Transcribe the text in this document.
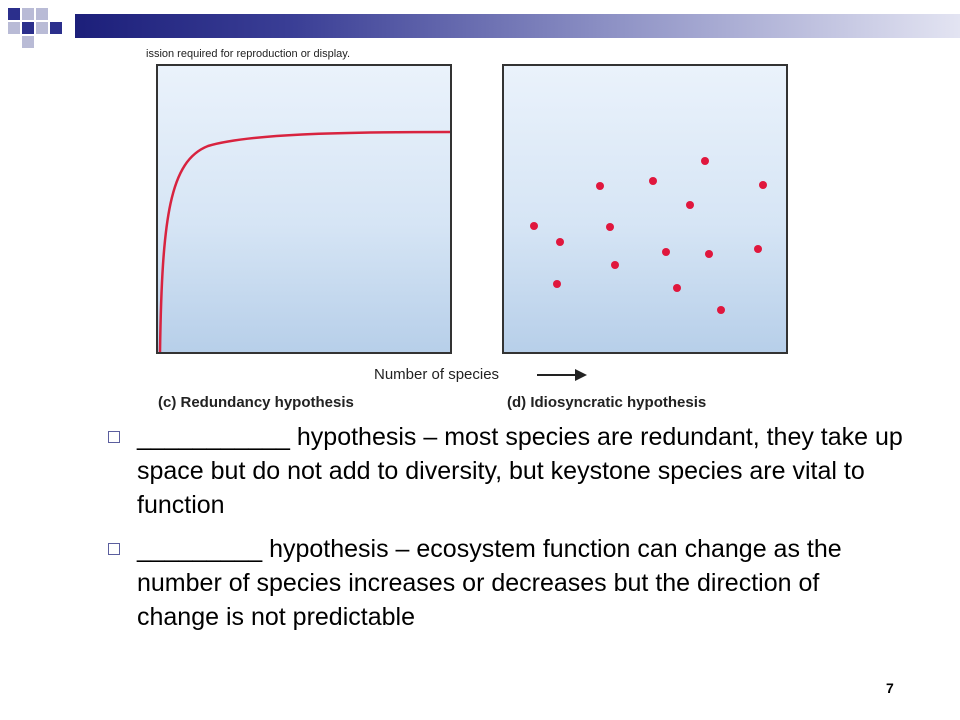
ission required for reproduction or display.
Number of species
(c) Redundancy hypothesis	(d) Idiosyncratic hypothesis
___________ hypothesis – most species are redundant, they take up space but do not add to diversity, but keystone species are vital to function
_________ hypothesis – ecosystem function can change as the number of species increases or decreases but the direction of change is not predictable
7
